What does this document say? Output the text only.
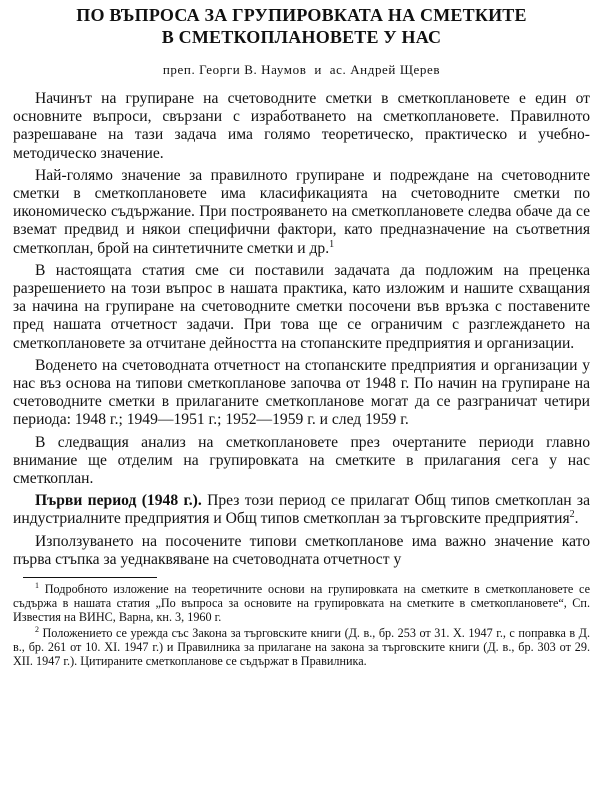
ПО ВЪПРОСА ЗА ГРУПИРОВКАТА НА СМЕТКИТЕ
В СМЕТКОПЛАНОВЕТЕ У НАС
преп. Георги В. Наумов и ас. Андрей Щерев

Начинът на групиране на счетоводните сметки в сметкоплановете е един от основните въпроси, свързани с изработването на сметкоплановете. Правилното разрешаване на тази задача има голямо теоретическо, практическо и учебно-методическо значение.

Най-голямо значение за правилното групиране и подреждане на счетоводните сметки в сметкоплановете има класификацията на счетоводните сметки по икономическо съдържание. При построяването на сметкоплановете следва обаче да се вземат предвид и някои специфични фактори, като предназначение на съответния сметкоплан, брой на синтетичните сметки и др.$^1$

В настоящата статия сме си поставили задачата да подложим на преценка разрешението на този въпрос в нашата практика, като изложим и нашите схващания за начина на групиране на счетоводните сметки посочени във връзка с поставените пред нашата отчетност задачи. При това ще се ограничим с разглеждането на сметкоплановете за отчитане дейността на стопанските предприятия и организации.

Воденето на счетоводната отчетност на стопанските предприятия и организации у нас въз основа на типови сметкопланове започва от 1948 г. По начин на групиране на счетоводните сметки в прилаганите сметкопланове могат да се разграничат четири периода: 1948 г.; 1949—1951 г.; 1952—1959 г. и след 1959 г.

В следващия анализ на сметкоплановете през очертаните периоди главно внимание ще отделим на групировката на сметките в прилагания сега у нас сметкоплан.

Първи период (1948 г.). През този период се прилагат Общ типов сметкоплан за индустриалните предприятия и Общ типов сметкоплан за търговските предприятия$^2$.

Използуването на посочените типови сметкопланове има важно значение като първа стъпка за уеднаквяване на счетоводната отчетност у

$^1$ Подробното изложение на теоретичните основи на групировката на сметките в сметкоплановете се съдържа в нашата статия „По въпроса за основите на групировката на сметките в сметкоплановете“, Сп. Известия на ВИНС, Варна, кн. 3, 1960 г.

$^2$ Положението се урежда със Закона за търговските книги (Д. в., бр. 253 от 31. X. 1947 г., с поправка в Д. в., бр. 261 от 10. XI. 1947 г.) и Правилника за прилагане на закона за търговските книги (Д. в., бр. 303 от 29. XII. 1947 г.). Цитираните сметкопланове се съдържат в Правилника.
